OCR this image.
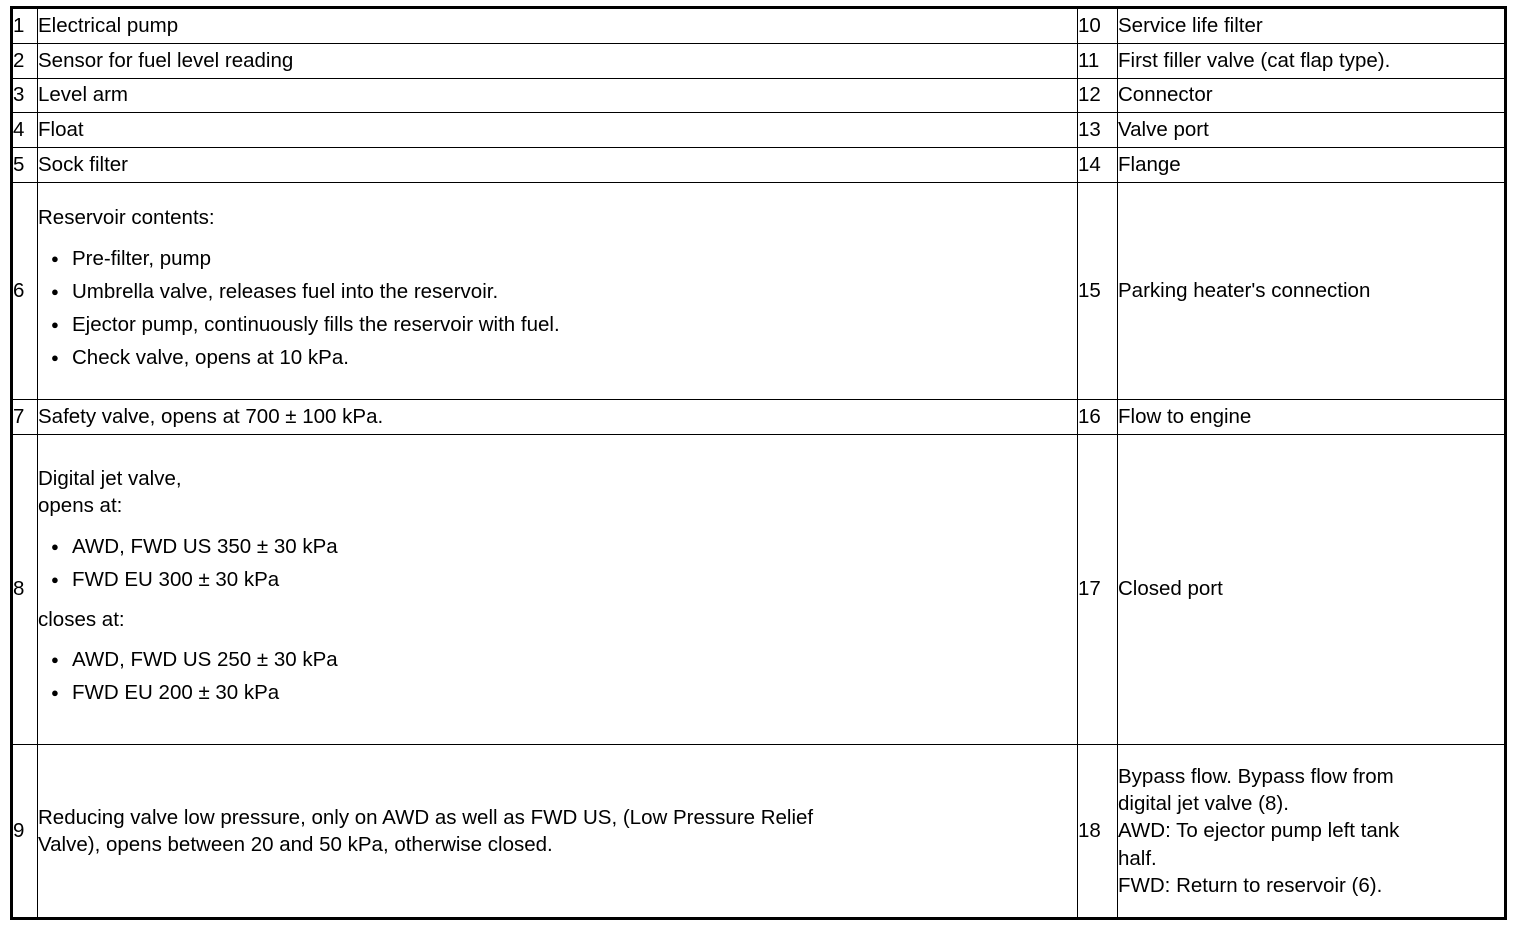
1	Electrical pump	10	Service life filter
2	Sensor for fuel level reading	11	First filler valve (cat flap type).
3	Level arm	12	Connector
4	Float	13	Valve port
5	Sock filter	14	Flange
6	

Reservoir contents:

● Pre-filter, pump
● Umbrella valve, releases fuel into the reservoir.
● Ejector pump, continuously fills the reservoir with fuel.
● Check valve, opens at 10 kPa.
	15	Parking heater's connection
7	Safety valve, opens at 700 ± 100 kPa.	16	Flow to engine
8	

Digital jet valve,

opens at:

● AWD, FWD US 350 ± 30 kPa
● FWD EU 300 ± 30 kPa

closes at:

● AWD, FWD US 250 ± 30 kPa
● FWD EU 200 ± 30 kPa
	17	Closed port
9	
Reducing valve low pressure, only on AWD as well as FWD US, (Low Pressure Relief
Valve), opens between 20 and 50 kPa, otherwise closed.
	18	
Bypass flow. Bypass flow from
digital jet valve (8).
AWD: To ejector pump left tank
half.
FWD: Return to reservoir (6).
